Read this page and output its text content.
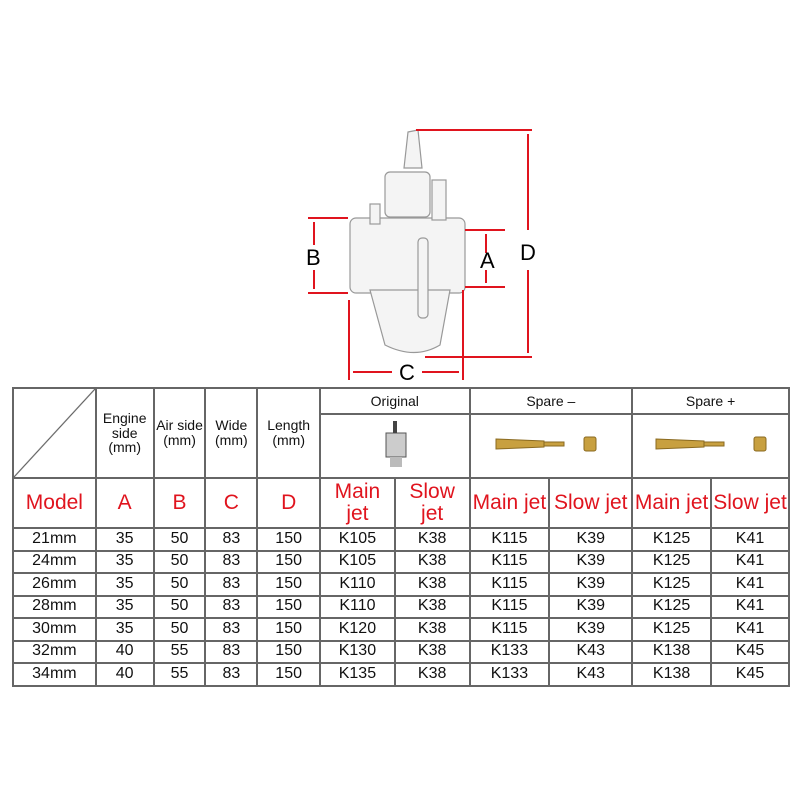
D
B	A
C
	Engine side (mm)	Air side (mm)	Wide (mm)	Length (mm)	Original		Spare –		Spare +	

Model	A	B	C	D	Main jet	Slow jet	Main jet	Slow jet	Main jet	Slow jet
21mm	35	50	83	150	K105	K38	K115	K39	K125	K41
24mm	35	50	83	150	K105	K38	K115	K39	K125	K41
26mm	35	50	83	150	K110	K38	K115	K39	K125	K41
28mm	35	50	83	150	K110	K38	K115	K39	K125	K41
30mm	35	50	83	150	K120	K38	K115	K39	K125	K41
32mm	40	55	83	150	K130	K38	K133	K43	K138	K45
34mm	40	55	83	150	K135	K38	K133	K43	K138	K45
